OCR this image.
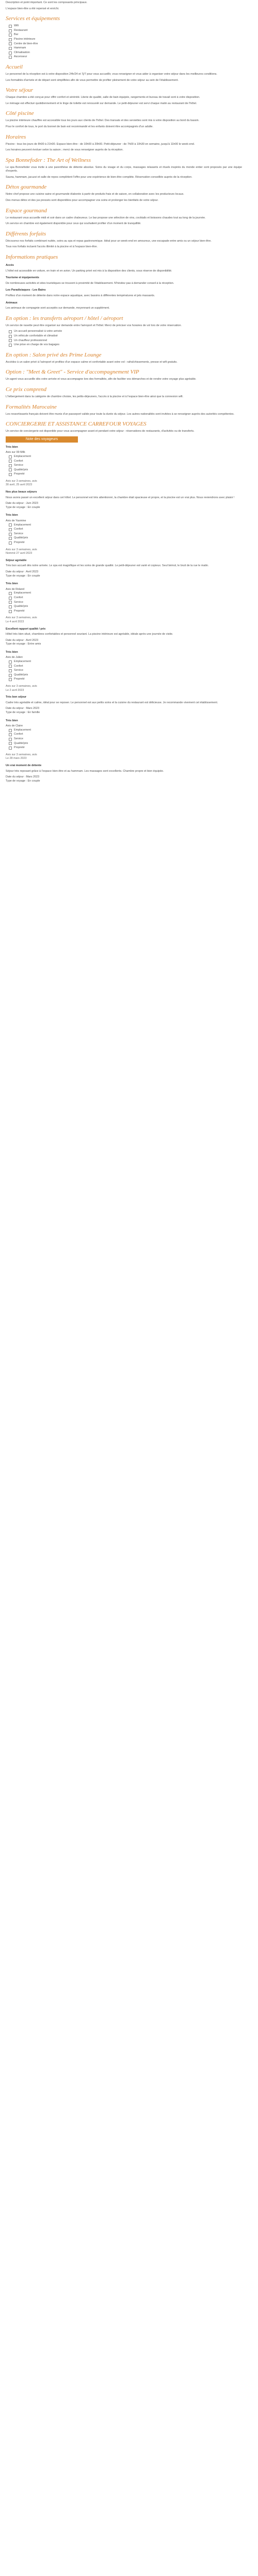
Description et point important. Ce sont les composants principaux.

L'espace bien-être a été repensé et enrichi.

Services et équipements
Wifi
Restaurant
Bar
Piscine intérieure
Centre de bien-être
Hammam
Climatisation
Ascenseur
Accueil

Le personnel de la réception est à votre disposition 24h/24 et 7j/7 pour vous accueillir, vous renseigner et vous aider à organiser votre séjour dans les meilleures conditions.

Les formalités d'arrivée et de départ sont simplifiées afin de vous permettre de profiter pleinement de votre séjour au sein de l'établissement.

Votre séjour

Chaque chambre a été conçue pour offrir confort et sérénité. Literie de qualité, salle de bain équipée, rangements et bureau de travail sont à votre disposition.

Le ménage est effectué quotidiennement et le linge de toilette est renouvelé sur demande. Le petit-déjeuner est servi chaque matin au restaurant de l'hôtel.

Côté piscine

La piscine intérieure chauffée est accessible tous les jours aux clients de l'hôtel. Des transats et des serviettes sont mis à votre disposition au bord du bassin.

Pour le confort de tous, le port du bonnet de bain est recommandé et les enfants doivent être accompagnés d'un adulte.

Horaires

Piscine : tous les jours de 8h00 à 21h00. Espace bien-être : de 10h00 à 20h00. Petit-déjeuner : de 7h00 à 10h30 en semaine, jusqu'à 11h00 le week-end.

Les horaires peuvent évoluer selon la saison ; merci de vous renseigner auprès de la réception.

Spa Bonnefoder : The Art of Wellness

Le spa Bonnefoder vous invite à une parenthèse de détente absolue. Soins du visage et du corps, massages relaxants et rituels inspirés du monde entier sont proposés par une équipe d'experts.

Sauna, hammam, jacuzzi et salle de repos complètent l'offre pour une expérience de bien-être complète. Réservation conseillée auprès de la réception.

Détox gourmande

Notre chef propose une cuisine saine et gourmande élaborée à partir de produits frais et de saison, en collaboration avec les producteurs locaux.

Des menus détox et des jus pressés sont disponibles pour accompagner vos soins et prolonger les bienfaits de votre séjour.

Espace gourmand

Le restaurant vous accueille midi et soir dans un cadre chaleureux. Le bar propose une sélection de vins, cocktails et boissons chaudes tout au long de la journée.

Un service en chambre est également disponible pour ceux qui souhaitent profiter d'un moment de tranquillité.

Différents forfaits

Découvrez nos forfaits combinant nuitée, soins au spa et repas gastronomique. Idéal pour un week-end en amoureux, une escapade entre amis ou un séjour bien-être.

Tous nos forfaits incluent l'accès illimité à la piscine et à l'espace bien-être.

Informations pratiques
Accès

L'hôtel est accessible en voiture, en train et en avion. Un parking privé est mis à la disposition des clients, sous réserve de disponibilité.

Tourisme et équipements

De nombreuses activités et sites touristiques se trouvent à proximité de l'établissement. N'hésitez pas à demander conseil à la réception.

Les Paradisiaques - Les Bains

Profitez d'un moment de détente dans notre espace aquatique, avec bassins à différentes températures et jets massants.

Animaux

Les animaux de compagnie sont acceptés sur demande, moyennant un supplément.

En option : les transferts aéroport / hôtel / aéroport

Un service de navette peut être organisé sur demande entre l'aéroport et l'hôtel. Merci de préciser vos horaires de vol lors de votre réservation.

Un accueil personnalisé à votre arrivée
Un véhicule confortable et climatisé
Un chauffeur professionnel
Une prise en charge de vos bagages
En option : Salon privé des Prime Lounge

Accédez à un salon privé à l'aéroport et profitez d'un espace calme et confortable avant votre vol : rafraîchissements, presse et wifi gratuits.

Option : "Meet & Greet" - Service d'accompagnement VIP

Un agent vous accueille dès votre arrivée et vous accompagne lors des formalités, afin de faciliter vos démarches et de rendre votre voyage plus agréable.

Ce prix comprend

L'hébergement dans la catégorie de chambre choisie, les petits-déjeuners, l'accès à la piscine et à l'espace bien-être ainsi que la connexion wifi.

Formalités Marocaine

Les ressortissants français doivent être munis d'un passeport valide pour toute la durée du séjour. Les autres nationalités sont invitées à se renseigner auprès des autorités compétentes.

CONCIERGERIE ET ASSISTANCE CARREFOUR VOYAGES

Un service de conciergerie est disponible pour vous accompagner avant et pendant votre séjour : réservations de restaurants, d'activités ou de transferts.

Note des voyageurs
Très bien
Avis sur 99 Milk
Emplacement
Confort
Service
Qualité/prix
Propreté
Avis sur 3 semaines, avis
30 avril, 25 avril 2023
Nos plus beaux séjours

Nous avons passé un excellent séjour dans cet hôtel. Le personnel est très attentionné, la chambre était spacieuse et propre, et la piscine est un vrai plus. Nous reviendrons avec plaisir !

Date du séjour : Juin 2023
Type de voyage : En couple
Très bien
Avis de Yasmine
Emplacement
Confort
Service
Qualité/prix
Propreté
Avis sur 3 semaines, avis
Nommé 27 avril 2023
Séjour agréable

Très bon accueil dès notre arrivée. Le spa est magnifique et les soins de grande qualité. Le petit-déjeuner est varié et copieux. Seul bémol, le bruit de la rue le matin.

Date du séjour : Avril 2023
Type de voyage : En couple
Très bien
Avis de Roland
Emplacement
Confort
Service
Qualité/prix
Propreté
Avis sur 3 semaines, avis
Le 4 avril 2023
Excellent rapport qualité / prix

Hôtel très bien situé, chambres confortables et personnel souriant. La piscine intérieure est agréable, idéale après une journée de visite.

Date du séjour : Avril 2023
Type de voyage : Entre amis
Très bien
Avis de Julien
Emplacement
Confort
Service
Qualité/prix
Propreté
Avis sur 3 semaines, avis
Le 2 avril 2023
Très bon séjour

Cadre très agréable et calme, idéal pour se reposer. Le personnel est aux petits soins et la cuisine du restaurant est délicieuse. Je recommande vivement cet établissement.

Date du séjour : Mars 2023
Type de voyage : En famille
Très bien
Avis de Claire
Emplacement
Confort
Service
Qualité/prix
Propreté
Avis sur 3 semaines, avis
Le 28 mars 2023
Un vrai moment de détente

Séjour très reposant grâce à l'espace bien-être et au hammam. Les massages sont excellents. Chambre propre et bien équipée.

Date du séjour : Mars 2023
Type de voyage : En couple
